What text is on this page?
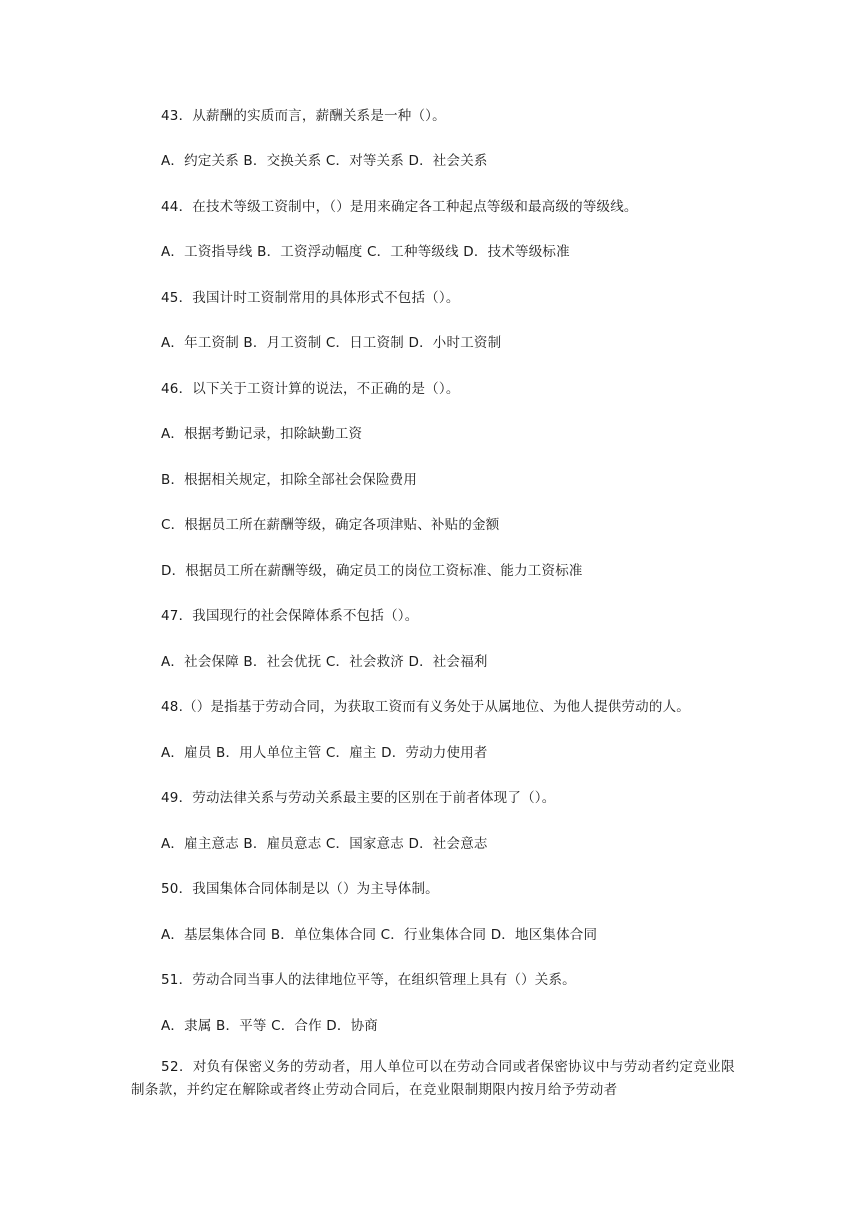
43．从薪酬的实质而言，薪酬关系是一种（）。
A．约定关系 B．交换关系 C．对等关系 D．社会关系
44．在技术等级工资制中，（）是用来确定各工种起点等级和最高级的等级线。
A．工资指导线 B．工资浮动幅度 C．工种等级线 D．技术等级标准
45．我国计时工资制常用的具体形式不包括（）。
A．年工资制 B．月工资制 C．日工资制 D．小时工资制
46．以下关于工资计算的说法，不正确的是（）。
A．根据考勤记录，扣除缺勤工资
B．根据相关规定，扣除全部社会保险费用
C．根据员工所在薪酬等级，确定各项津贴、补贴的金额
D．根据员工所在薪酬等级，确定员工的岗位工资标准、能力工资标准
47．我国现行的社会保障体系不包括（）。
A．社会保障 B．社会优抚 C．社会救济 D．社会福利
48.（）是指基于劳动合同，为获取工资而有义务处于从属地位、为他人提供劳动的人。
A．雇员 B．用人单位主管 C．雇主 D．劳动力使用者
49．劳动法律关系与劳动关系最主要的区别在于前者体现了（）。
A．雇主意志 B．雇员意志 C．国家意志 D．社会意志
50．我国集体合同体制是以（）为主导体制。
A．基层集体合同 B．单位集体合同 C．行业集体合同 D．地区集体合同
51．劳动合同当事人的法律地位平等，在组织管理上具有（）关系。
A．隶属 B．平等 C．合作 D．协商
52．对负有保密义务的劳动者，用人单位可以在劳动合同或者保密协议中与劳动者约定竞业限制条款，并约定在解除或者终止劳动合同后，在竞业限制期限内按月给予劳动者
